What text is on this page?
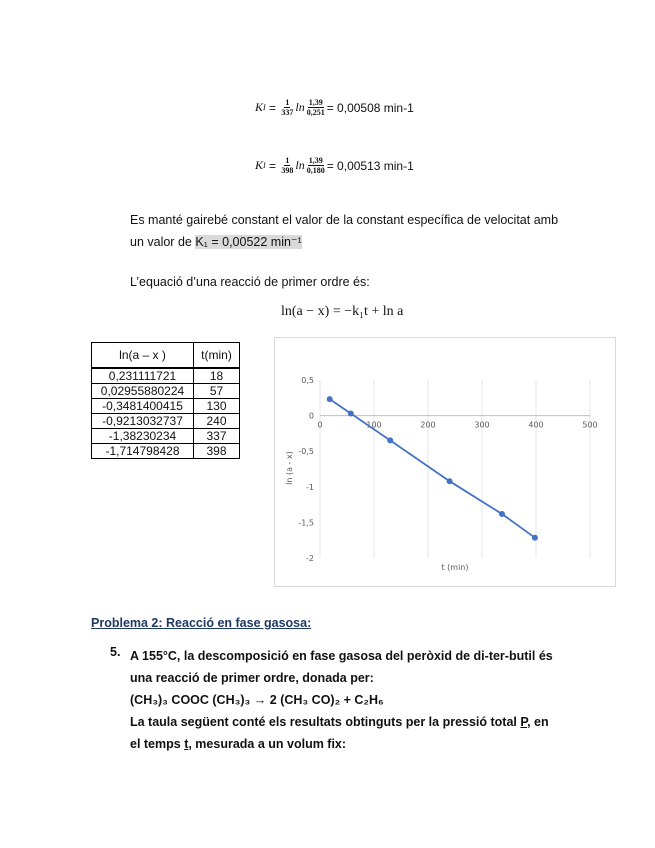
K $I = \frac{1}{337}$ $\ln \frac{1,39}{0,251} = 0,00508$ min -1
K $I = \frac{1}{398}$ $\ln \frac{1,39}{0,180} = 0,00513$ min -1
Es manté gairebé constant el valor de la constant específica de velocitat amb
un valor de K₁ = 0,00522 min⁻¹
L’equació d’una reacció de primer ordre és:
ln(a − x) = −k₁t + ln a
ln(a – x )	t(min)
0,231111721	18
0,02955880224	57
-0,3481400415	130
-0,9213032737	240
-1,38230234	337
-1,714798428	398
0,5
0
-0,5
-1
-1,5
-2
0	100	200	300	400	500
t (min)
ln (a - x)
Problema 2: Reacció en fase gasosa:
5. A 155°C, la descomposició en fase gasosa del peròxid de di-ter-butil és
una reacció de primer ordre, donada per:
(CH₃)₃ COOC (CH₃)₃ → 2 (CH₃ CO)₂ + C₂H₆
La taula següent conté els resultats obtinguts per la pressió total P, en
el temps t, mesurada a un volum fix:
